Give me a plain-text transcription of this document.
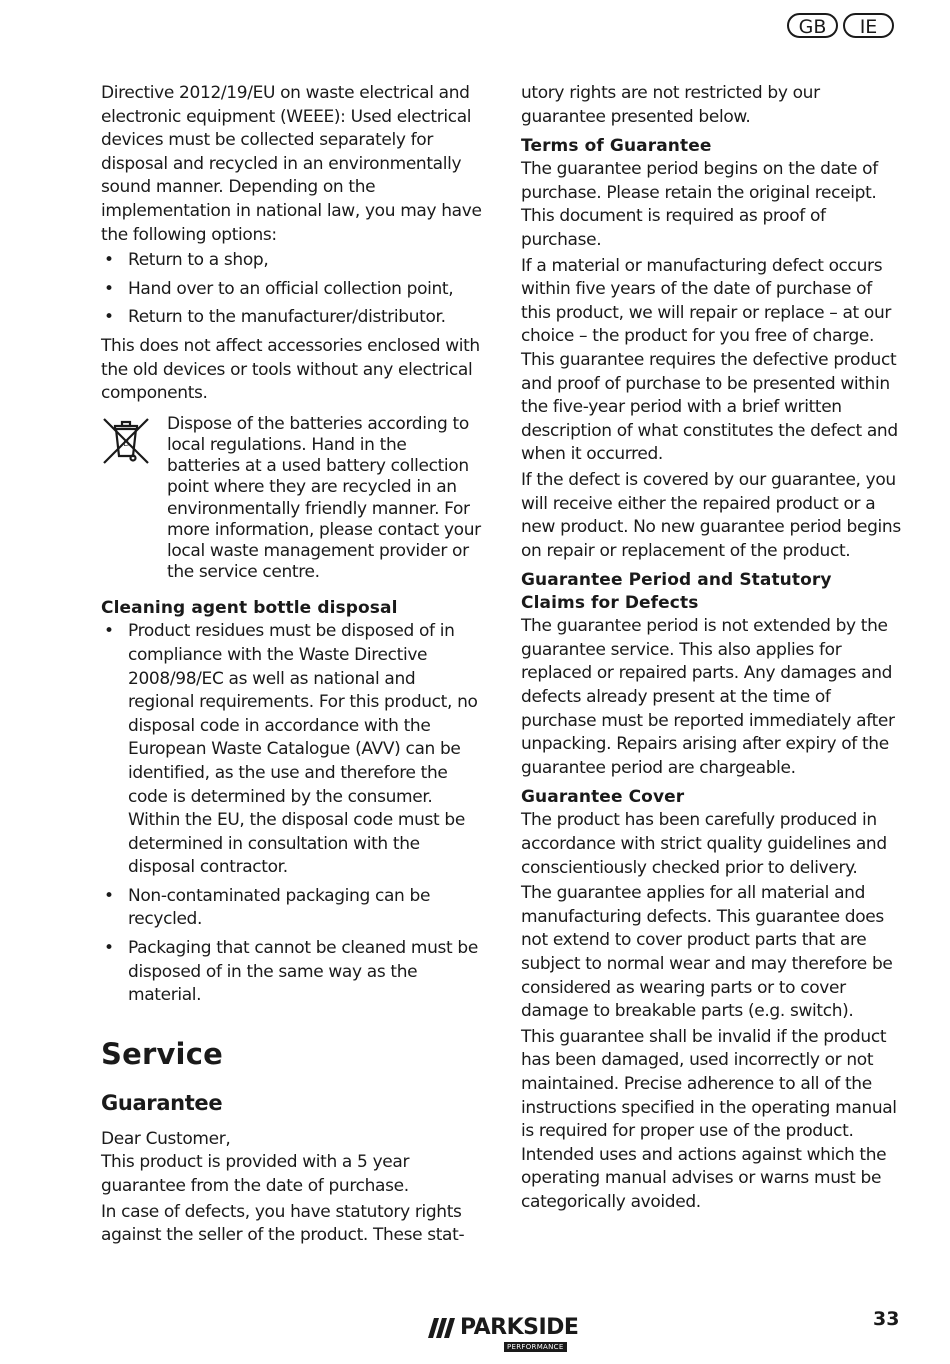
GB	IE

Directive 2012/19/EU on waste electrical and electronic equipment (WEEE): Used electrical devices must be collected separately for disposal and recycled in an environmentally sound manner. Depending on the implementation in national law, you may have the following options:

• Return to a shop,
• Hand over to an official collection point,
• Return to the manufacturer/distributor.

This does not affect accessories enclosed with the old devices or tools without any electrical components.

Li
Dispose of the batteries according to local regulations. Hand in the batteries at a used battery collection point where they are recycled in an environmentally friendly manner. For more information, please contact your local waste management provider or the service centre.
Cleaning agent bottle disposal
• Product residues must be disposed of in compliance with the Waste Directive 2008/98/EC as well as national and regional requirements. For this product, no disposal code in accordance with the European Waste Catalogue (AVV) can be identified, as the use and therefore the code is determined by the consumer. Within the EU, the disposal code must be determined in consultation with the disposal contractor.
• Non-contaminated packaging can be recycled.
• Packaging that cannot be cleaned must be disposed of in the same way as the material.
Service
Guarantee

Dear Customer,

This product is provided with a 5 year guarantee from the date of purchase.

In case of defects, you have statutory rights against the seller of the product. These stat-

utory rights are not restricted by our guarantee presented below.

Terms of Guarantee

The guarantee period begins on the date of purchase. Please retain the original receipt. This document is required as proof of purchase.

If a material or manufacturing defect occurs within five years of the date of purchase of this product, we will repair or replace – at our choice – the product for you free of charge. This guarantee requires the defective product and proof of purchase to be presented within the five-year period with a brief written description of what constitutes the defect and when it occurred.

If the defect is covered by our guarantee, you will receive either the repaired product or a new product. No new guarantee period begins on repair or replacement of the product.

Guarantee Period and Statutory
Claims for Defects

The guarantee period is not extended by the guarantee service. This also applies for replaced or repaired parts. Any damages and defects already present at the time of purchase must be reported immediately after unpacking. Repairs arising after expiry of the guarantee period are chargeable.

Guarantee Cover

The product has been carefully produced in accordance with strict quality guidelines and conscientiously checked prior to delivery.

The guarantee applies for all material and manufacturing defects. This guarantee does not extend to cover product parts that are subject to normal wear and may therefore be considered as wearing parts or to cover damage to breakable parts (e.g. switch).

This guarantee shall be invalid if the product has been damaged, used incorrectly or not maintained. Precise adherence to all of the instructions specified in the operating manual is required for proper use of the product. Intended uses and actions against which the operating manual advises or warns must be categorically avoided.

PARKSIDE
PERFORMANCE
33
